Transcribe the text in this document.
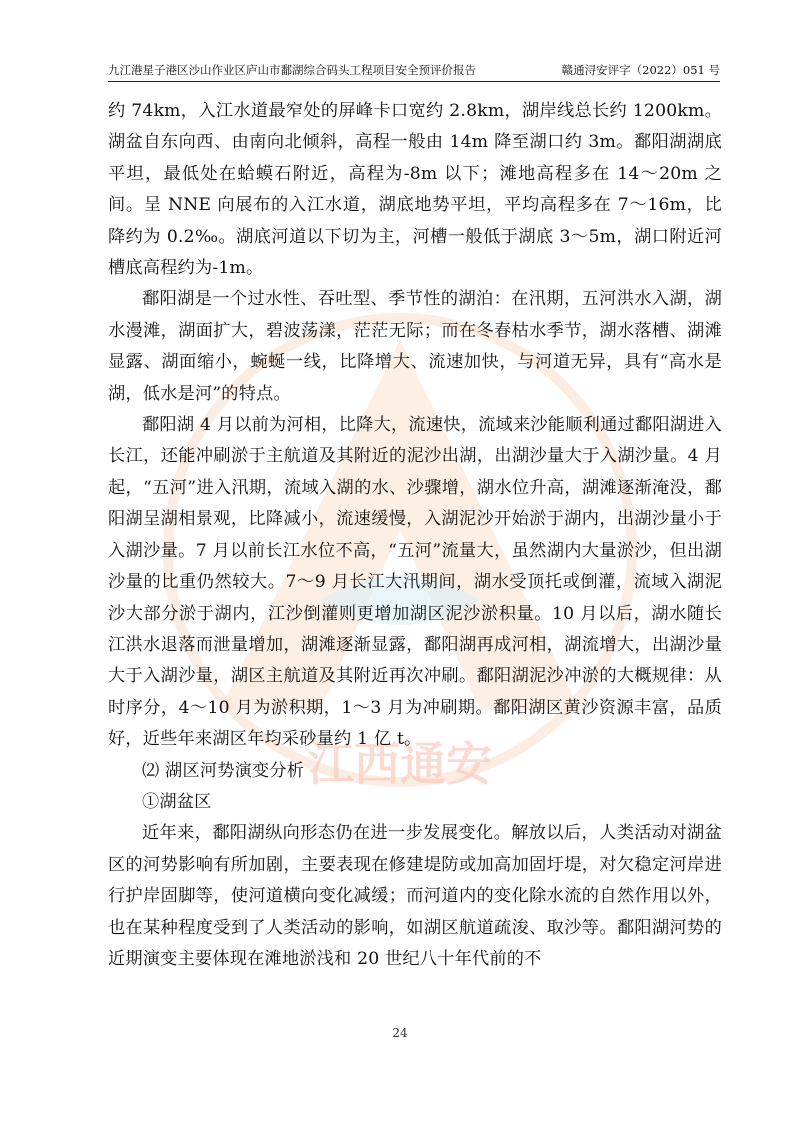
江西通安
九江港星子港区沙山作业区庐山市鄱湖综合码头工程项目安全预评价报告	赣通浔安评字（2022）051 号

约 74km，入江水道最窄处的屏峰卡口宽约 2.8km，湖岸线总长约 1200km。湖盆自东向西、由南向北倾斜，高程一般由 14m 降至湖口约 3m。鄱阳湖湖底平坦，最低处在蛤蟆石附近，高程为-8m 以下；滩地高程多在 14～20m 之间。呈 NNE 向展布的入江水道，湖底地势平坦，平均高程多在 7～16m，比降约为 0.2‰。湖底河道以下切为主，河槽一般低于湖底 3～5m，湖口附近河槽底高程约为-1m。

鄱阳湖是一个过水性、吞吐型、季节性的湖泊：在汛期，五河洪水入湖，湖水漫滩，湖面扩大，碧波荡漾，茫茫无际；而在冬春枯水季节，湖水落槽、湖滩显露、湖面缩小，蜿蜒一线，比降增大、流速加快，与河道无异，具有“高水是湖，低水是河”的特点。

鄱阳湖 4 月以前为河相，比降大，流速快，流域来沙能顺利通过鄱阳湖进入长江，还能冲刷淤于主航道及其附近的泥沙出湖，出湖沙量大于入湖沙量。4 月起，“五河”进入汛期，流域入湖的水、沙骤增，湖水位升高，湖滩逐渐淹没，鄱阳湖呈湖相景观，比降减小，流速缓慢，入湖泥沙开始淤于湖内，出湖沙量小于入湖沙量。7 月以前长江水位不高，“五河”流量大，虽然湖内大量淤沙，但出湖沙量的比重仍然较大。7～9 月长江大汛期间，湖水受顶托或倒灌，流域入湖泥沙大部分淤于湖内，江沙倒灌则更增加湖区泥沙淤积量。10 月以后，湖水随长江洪水退落而泄量增加，湖滩逐渐显露，鄱阳湖再成河相，湖流增大，出湖沙量大于入湖沙量，湖区主航道及其附近再次冲刷。鄱阳湖泥沙冲淤的大概规律：从时序分，4～10 月为淤积期，1～3 月为冲刷期。鄱阳湖区黄沙资源丰富，品质好，近些年来湖区年均采砂量约 1 亿 t。

⑵ 湖区河势演变分析

①湖盆区

近年来，鄱阳湖纵向形态仍在进一步发展变化。解放以后，人类活动对湖盆区的河势影响有所加剧，主要表现在修建堤防或加高加固圩堤，对欠稳定河岸进行护岸固脚等，使河道横向变化减缓；而河道内的变化除水流的自然作用以外，也在某种程度受到了人类活动的影响，如湖区航道疏浚、取沙等。鄱阳湖河势的近期演变主要体现在滩地淤浅和 20 世纪八十年代前的不

24
